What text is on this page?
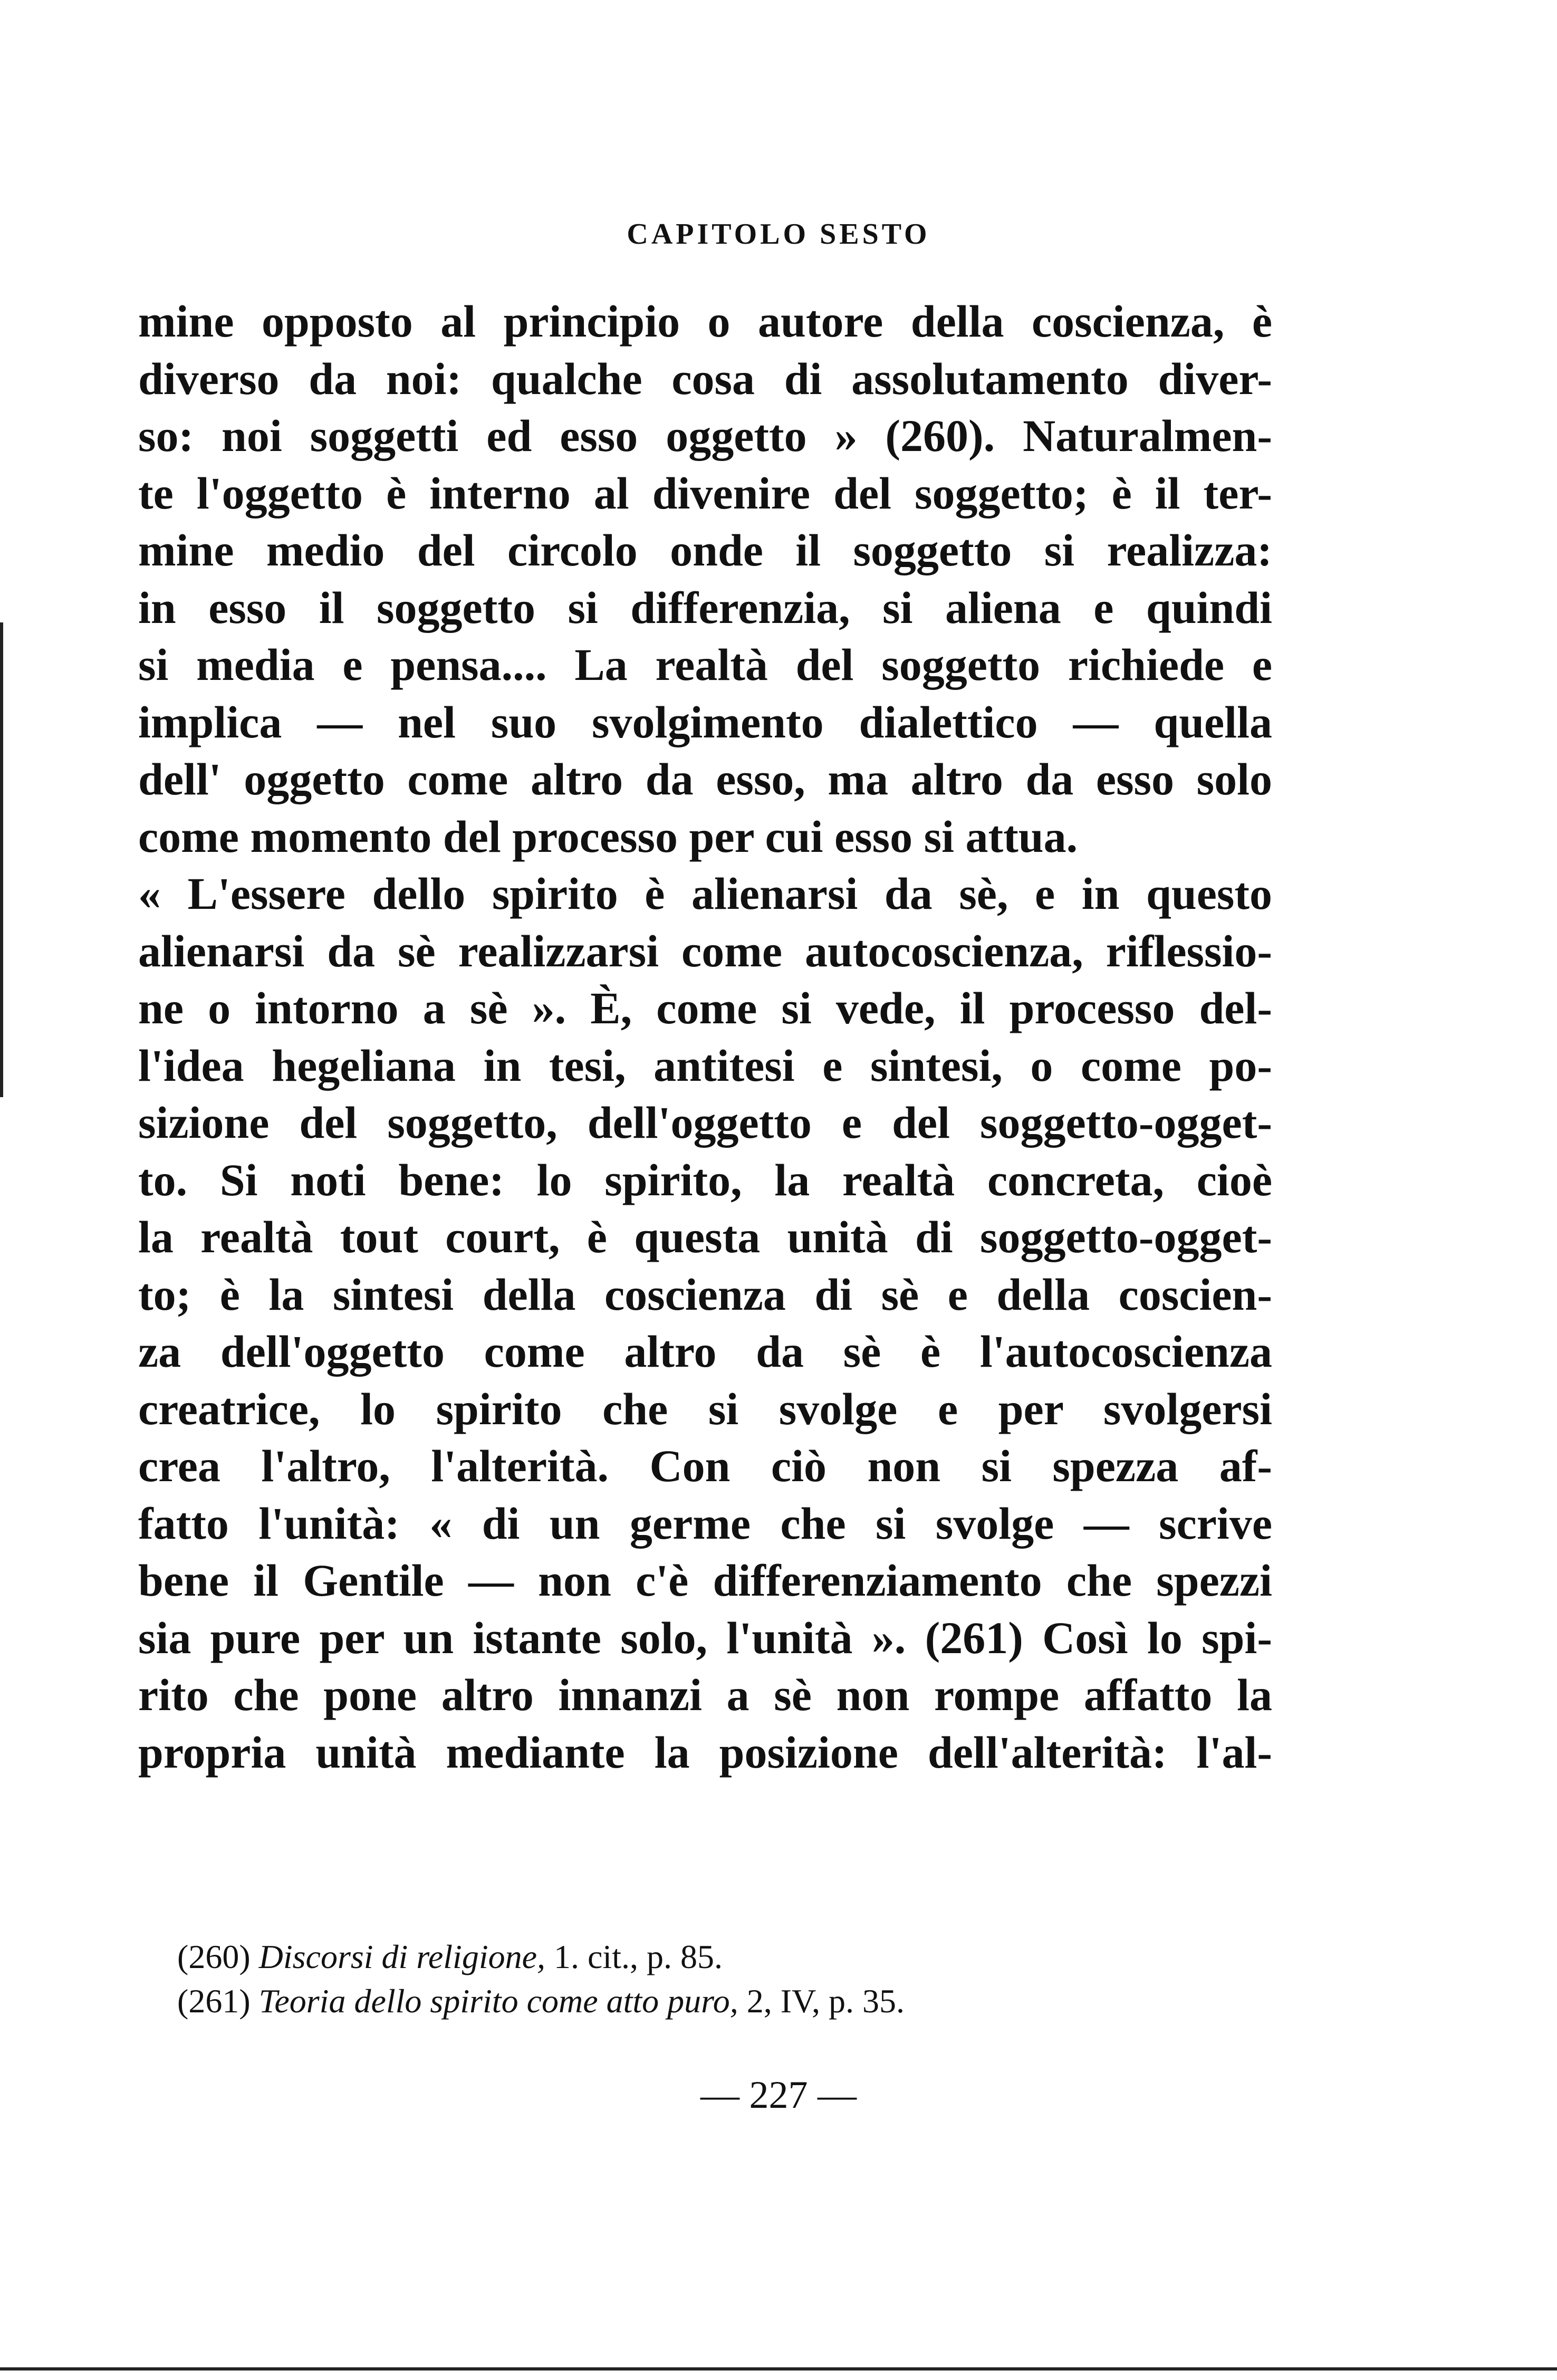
CAPITOLO SESTO
mine opposto al principio o autore della coscienza, è
diverso da noi: qualche cosa di assolutamento diver-
so: noi soggetti ed esso oggetto » (260). Naturalmen-
te l'oggetto è interno al divenire del soggetto; è il ter-
mine medio del circolo onde il soggetto si realizza:
in esso il soggetto si differenzia, si aliena e quindi
si media e pensa.... La realtà del soggetto richiede e
implica — nel suo svolgimento dialettico — quella
dell' oggetto come altro da esso, ma altro da esso solo
come momento del processo per cui esso si attua.
« L'essere dello spirito è alienarsi da sè, e in questo
alienarsi da sè realizzarsi come autocoscienza, riflessio-
ne o intorno a sè ». È, come si vede, il processo del-
l'idea hegeliana in tesi, antitesi e sintesi, o come po-
sizione del soggetto, dell'oggetto e del soggetto-ogget-
to. Si noti bene: lo spirito, la realtà concreta, cioè
la realtà tout court, è questa unità di soggetto-ogget-
to; è la sintesi della coscienza di sè e della coscien-
za dell'oggetto come altro da sè è l'autocoscienza
creatrice, lo spirito che si svolge e per svolgersi
crea l'altro, l'alterità. Con ciò non si spezza af-
fatto l'unità: « di un germe che si svolge — scrive
bene il Gentile — non c'è differenziamento che spezzi
sia pure per un istante solo, l'unità ». (261) Così lo spi-
rito che pone altro innanzi a sè non rompe affatto la
propria unità mediante la posizione dell'alterità: l'al-
(260) Discorsi di religione, 1. cit., p. 85.
(261) Teoria dello spirito come atto puro, 2, IV, p. 35.
— 227 —
